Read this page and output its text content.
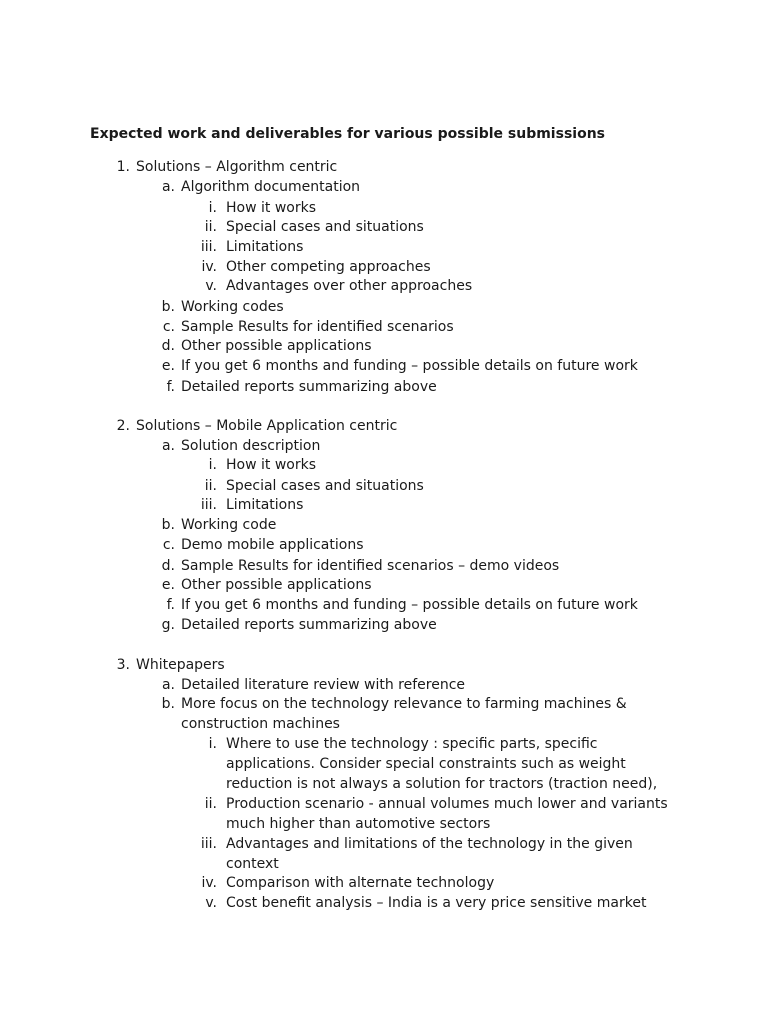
Expected work and deliverables for various possible submissions
1. Solutions – Algorithm centric
a. Algorithm documentation
i. How it works
ii. Special cases and situations
iii. Limitations
iv. Other competing approaches
v. Advantages over other approaches
b. Working codes
c. Sample Results for identified scenarios
d. Other possible applications
e. If you get 6 months and funding – possible details on future work
f. Detailed reports summarizing above
2. Solutions – Mobile Application centric
a. Solution description
i. How it works
ii. Special cases and situations
iii. Limitations
b. Working code
c. Demo mobile applications
d. Sample Results for identified scenarios – demo videos
e. Other possible applications
f. If you get 6 months and funding – possible details on future work
g. Detailed reports summarizing above
3. Whitepapers
a. Detailed literature review with reference
b. More focus on the technology relevance to farming machines &
construction machines
i. Where to use the technology : specific parts, specific
applications. Consider special constraints such as weight
reduction is not always a solution for tractors (traction need),
ii. Production scenario - annual volumes much lower and variants
much higher than automotive sectors
iii. Advantages and limitations of the technology in the given
context
iv. Comparison with alternate technology
v. Cost benefit analysis – India is a very price sensitive market
